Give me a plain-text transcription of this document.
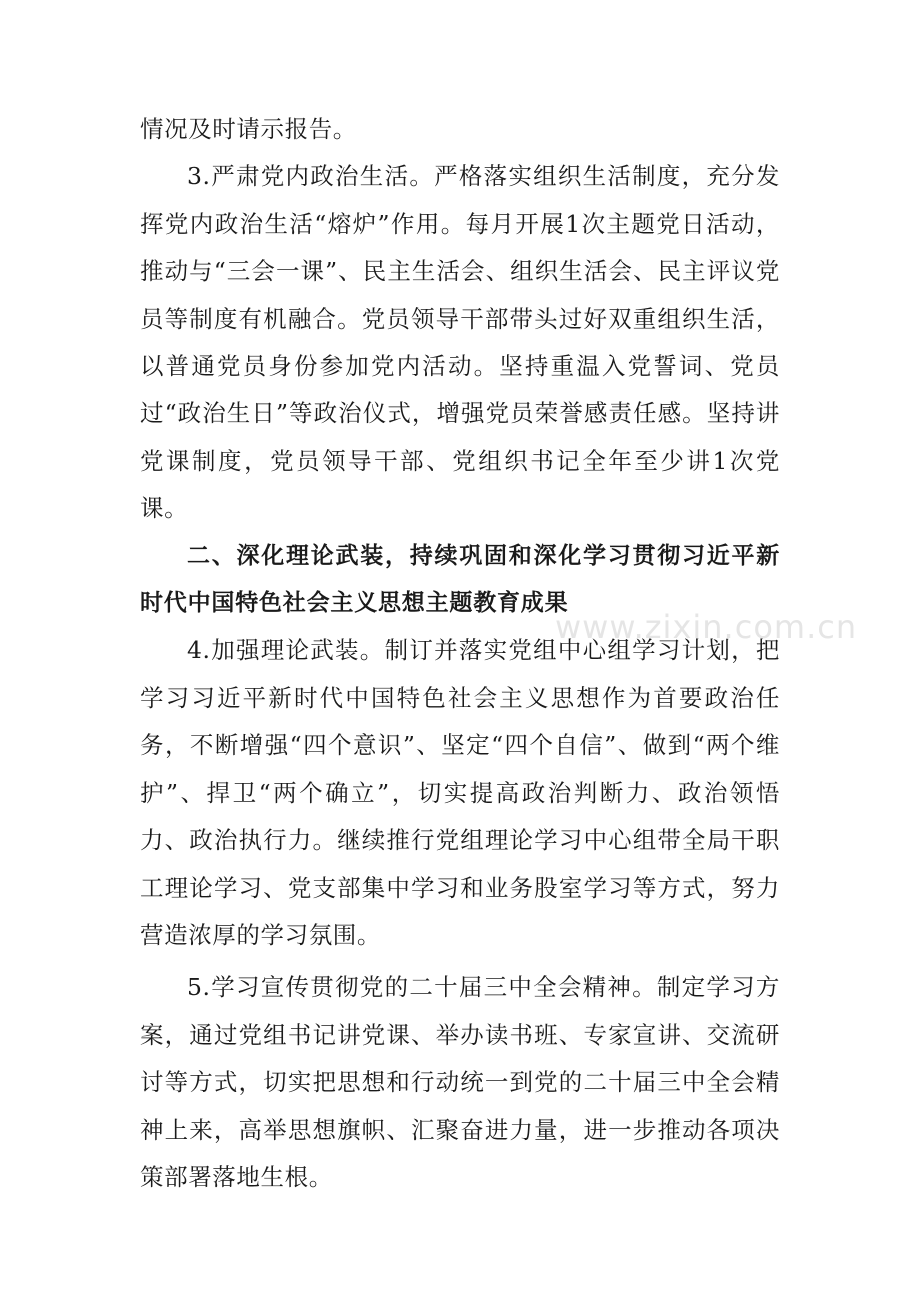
情况及时请示报告。

3.严肃党内政治生活。严格落实组织生活制度，充分发挥党内政治生活“熔炉”作用。每月开展1次主题党日活动，推动与“三会一课”、民主生活会、组织生活会、民主评议党员等制度有机融合。党员领导干部带头过好双重组织生活，以普通党员身份参加党内活动。坚持重温入党誓词、党员过“政治生日”等政治仪式，增强党员荣誉感责任感。坚持讲党课制度，党员领导干部、党组织书记全年至少讲1次党课。

二、深化理论武装，持续巩固和深化学习贯彻习近平新时代中国特色社会主义思想主题教育成果

4.加强理论武装。制订并落实党组中心组学习计划，把学习习近平新时代中国特色社会主义思想作为首要政治任务，不断增强“四个意识”、坚定“四个自信”、做到“两个维护”、捍卫“两个确立”，切实提高政治判断力、政治领悟力、政治执行力。继续推行党组理论学习中心组带全局干职工理论学习、党支部集中学习和业务股室学习等方式，努力营造浓厚的学习氛围。

5.学习宣传贯彻党的二十届三中全会精神。制定学习方案，通过党组书记讲党课、举办读书班、专家宣讲、交流研讨等方式，切实把思想和行动统一到党的二十届三中全会精神上来，高举思想旗帜、汇聚奋进力量，进一步推动各项决策部署落地生根。

www.zixin.com.cn
